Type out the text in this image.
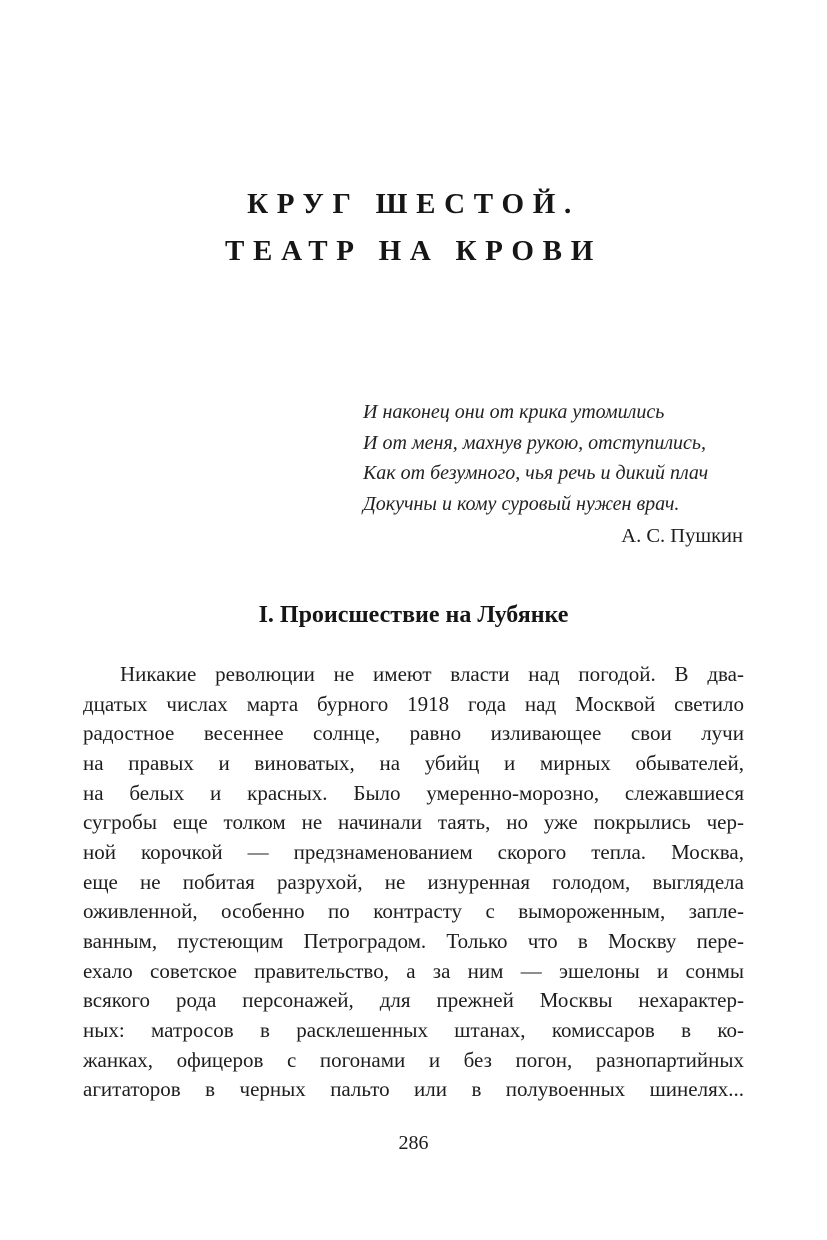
КРУГ ШЕСТОЙ.
ТЕАТР НА КРОВИ
И наконец они от крика утомились
И от меня, махнув рукою, отступились,
Как от безумного, чья речь и дикий плач
Докучны и кому суровый нужен врач.
А. С. Пушкин
I. Происшествие на Лубянке
Никакие революции не имеют власти над погодой. В два-
дцатых числах марта бурного 1918 года над Москвой светило
радостное весеннее солнце, равно изливающее свои лучи
на правых и виноватых, на убийц и мирных обывателей,
на белых и красных. Было умеренно-морозно, слежавшиеся
сугробы еще толком не начинали таять, но уже покрылись чер-
ной корочкой — предзнаменованием скорого тепла. Москва,
еще не побитая разрухой, не изнуренная голодом, выглядела
оживленной, особенно по контрасту с вымороженным, запле-
ванным, пустеющим Петроградом. Только что в Москву пере-
ехало советское правительство, а за ним — эшелоны и сонмы
всякого рода персонажей, для прежней Москвы нехарактер-
ных: матросов в расклешенных штанах, комиссаров в ко-
жанках, офицеров с погонами и без погон, разнопартийных
агитаторов в черных пальто или в полувоенных шинелях...
286
